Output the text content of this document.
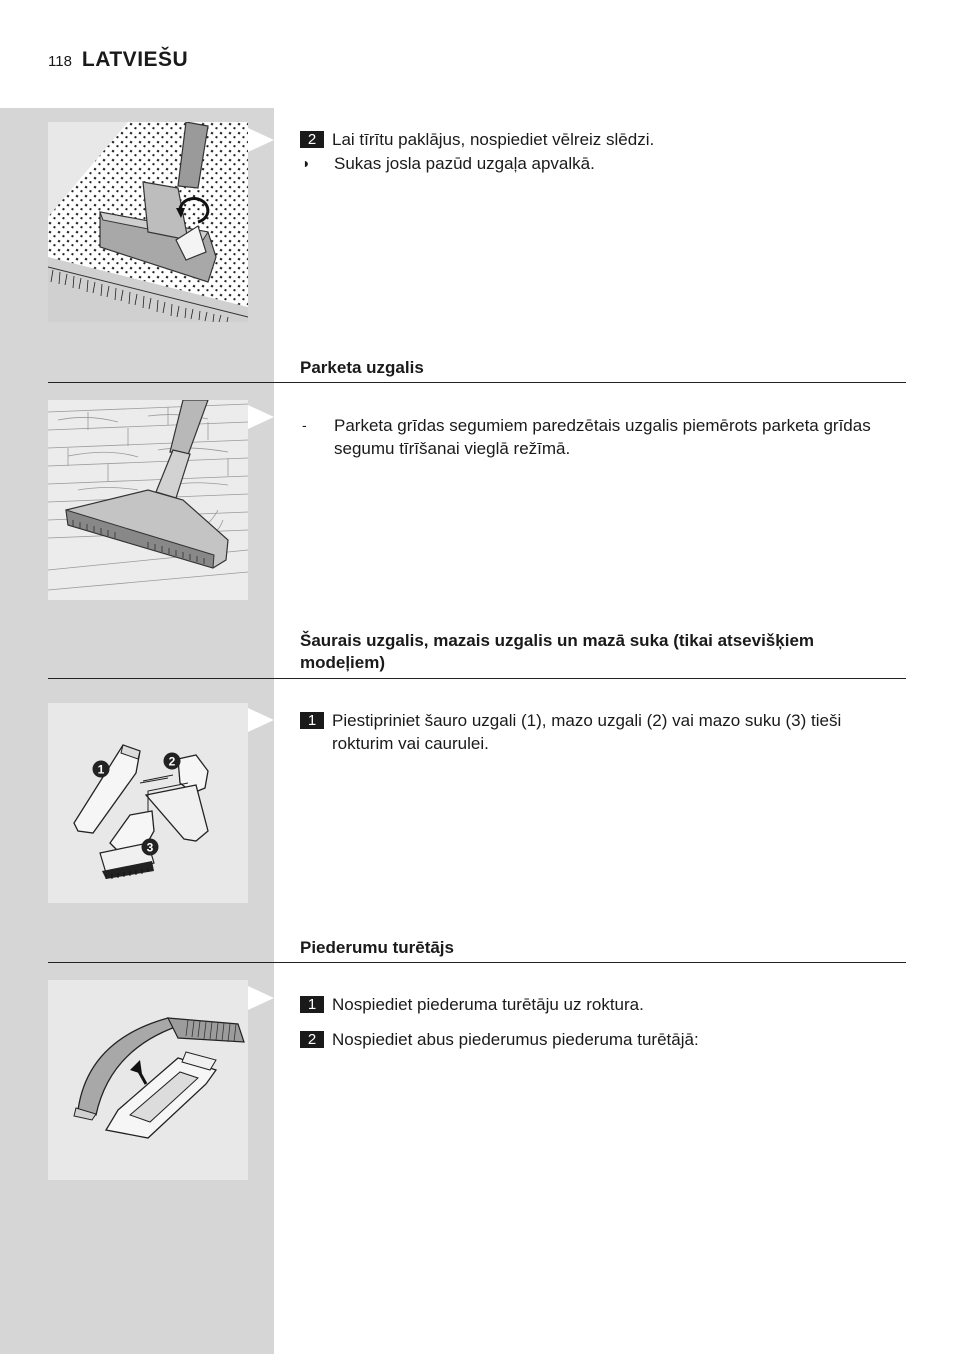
118 LATVIEŠU
2 Lai tīrītu paklājus, nospiediet vēlreiz slēdzi.
◗	Sukas josla pazūd uzgaļa apvalkā.
Parketa uzgalis
-	Parketa grīdas segumiem paredzētais uzgalis piemērots parketa grīdas segumu tīrīšanai vieglā režīmā.
Šaurais uzgalis, mazais uzgalis un mazā suka (tikai atsevišķiem modeļiem)
1
2
3
1 Piestipriniet šauro uzgali (1), mazo uzgali (2) vai mazo suku (3) tieši rokturim vai caurulei.
Piederumu turētājs
1 Nospiediet piederuma turētāju uz roktura.
2 Nospiediet abus piederumus piederuma turētājā:
